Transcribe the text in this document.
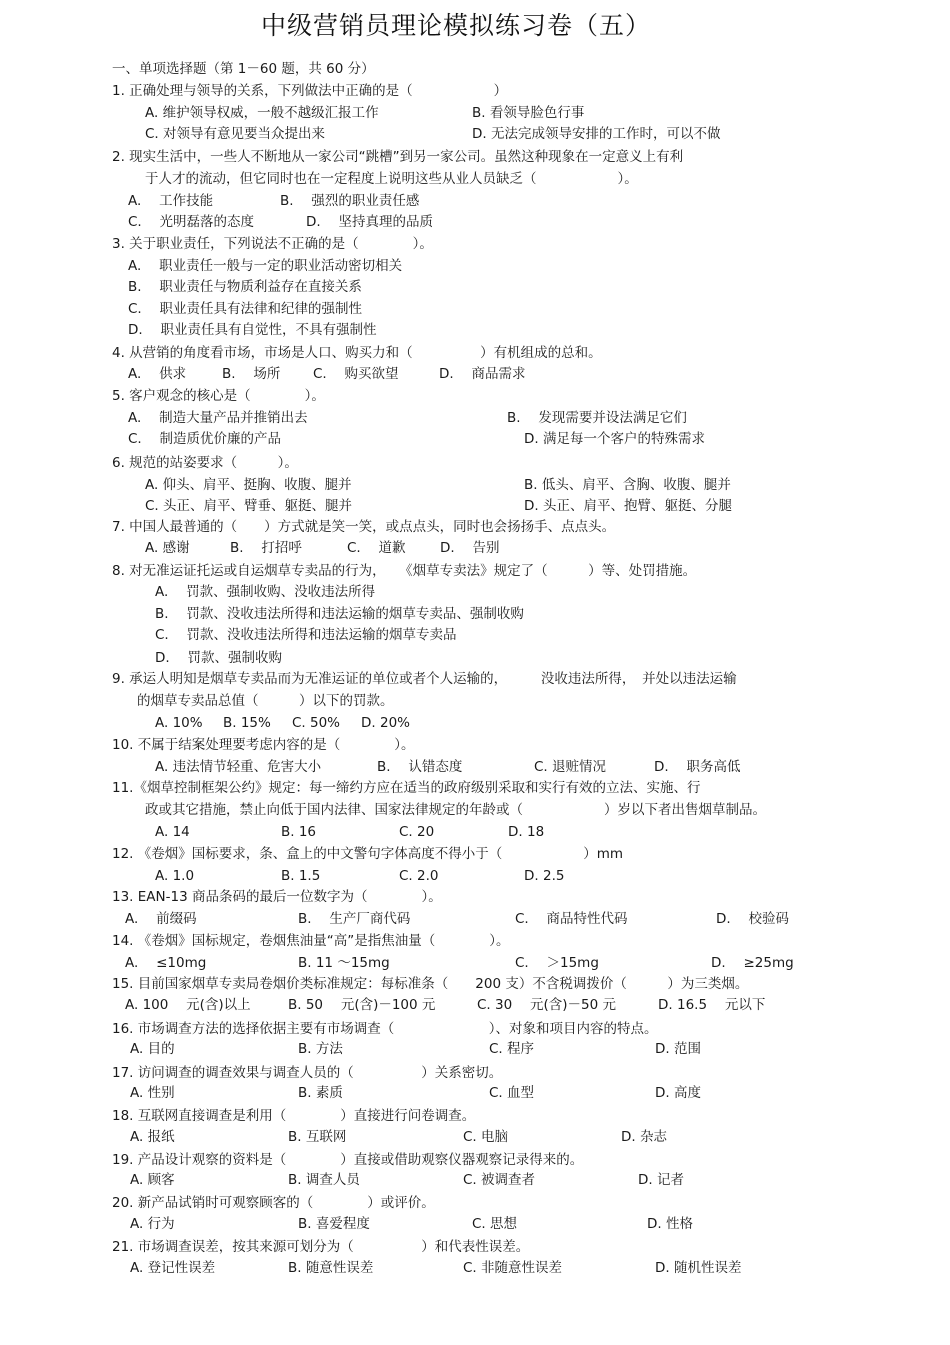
中级营销员理论模拟练习卷（五）
一、单项选择题（第 1－60 题，共 60 分）
1. 正确处理与领导的关系，下列做法中正确的是（　　　　　　）
A. 维护领导权威，一般不越级汇报工作	B. 看领导脸色行事
C. 对领导有意见要当众提出来	D. 无法完成领导安排的工作时，可以不做
2. 现实生活中，一些人不断地从一家公司“跳槽”到另一家公司。虽然这种现象在一定意义上有利
于人才的流动，但它同时也在一定程度上说明这些从业人员缺乏（　　　　　　）。
A. 　工作技能	B. 　强烈的职业责任感
C. 　光明磊落的态度	D. 　坚持真理的品质
3. 关于职业责任，下列说法不正确的是（　　　　）。
A. 　职业责任一般与一定的职业活动密切相关
B. 　职业责任与物质利益存在直接关系
C. 　职业责任具有法律和纪律的强制性
D. 　职业责任具有自觉性，不具有强制性
4. 从营销的角度看市场，市场是人口、购买力和（　　　　　）有机组成的总和。
A. 　供求	B. 　场所 C. 　购买欲望	D. 　商品需求
5. 客户观念的核心是（　　　　）。
A. 　制造大量产品并推销出去	B. 　发现需要并设法满足它们
C. 　制造质优价廉的产品	D. 满足每一个客户的特殊需求
6. 规范的站姿要求（　　　）。
A. 仰头、肩平、挺胸、收腹、腿并	B. 低头、肩平、含胸、收腹、腿并
C. 头正、肩平、臂垂、躯挺、腿并	D. 头正、肩平、抱臂、躯挺、分腿
7. 中国人最普通的（　　）方式就是笑一笑，或点点头，同时也会扬扬手、点点头。
A. 感谢	B. 　打招呼	C. 　道歉	D. 　告别
8. 对无准运证托运或自运烟草专卖品的行为，　　《烟草专卖法》规定了（　　　）等、处罚措施。
A. 　罚款、强制收购、没收违法所得
B. 　罚款、没收违法所得和违法运输的烟草专卖品、强制收购
C. 　罚款、没收违法所得和违法运输的烟草专卖品
D. 　罚款、强制收购
9. 承运人明知是烟草专卖品而为无准运证的单位或者个人运输的，　　　没收违法所得，　并处以违法运输
的烟草专卖品总值（　　　）以下的罚款。
A. 10% B. 15% C. 50% D. 20%
10. 不属于结案处理要考虑内容的是（　　　　）。
A. 违法情节轻重、危害大小	B. 　认错态度	C. 退赃情况	D. 　职务高低
11.《烟草控制框架公约》规定：每一缔约方应在适当的政府级别采取和实行有效的立法、实施、行
政或其它措施，禁止向低于国内法律、国家法律规定的年龄或（　　　　　　）岁以下者出售烟草制品。
A. 14	B. 16	C. 20	D. 18
12. 《卷烟》国标要求，条、盒上的中文警句字体高度不得小于（　　　　　　）mm
A. 1.0	B. 1.5	C. 2.0	D. 2.5
13. EAN-13 商品条码的最后一位数字为（　　　　）。
A. 　前缀码	B. 　生产厂商代码	C. 　商品特性代码	D. 　校验码
14. 《卷烟》国标规定，卷烟焦油量“高”是指焦油量（　　　　）。
A. 　≤10mg	B. 11 ～15mg	C. 　＞15mg	D. 　≥25mg
15. 目前国家烟草专卖局卷烟价类标准规定：每标准条（　　200 支）不含税调拨价（　　　）为三类烟。
A. 100 　元(含)以上	B. 50 　元(含)－100 元	C. 30 　元(含)－50 元	D. 16.5 　元以下
16. 市场调查方法的选择依据主要有市场调查（　　　　　　　）、对象和项目内容的特点。
A. 目的	B. 方法	C. 程序	D. 范围
17. 访问调查的调查效果与调查人员的（　　　　　）关系密切。
A. 性别	B. 素质	C. 血型	D. 高度
18. 互联网直接调查是利用（　　　　）直接进行问卷调查。
A. 报纸	B. 互联网	C. 电脑	D. 杂志
19. 产品设计观察的资料是（　　　　）直接或借助观察仪器观察记录得来的。
A. 顾客	B. 调查人员	C. 被调查者	D. 记者
20. 新产品试销时可观察顾客的（　　　　）或评价。
A. 行为	B. 喜爱程度	C. 思想	D. 性格
21. 市场调查误差，按其来源可划分为（　　　　　）和代表性误差。
A. 登记性误差	B. 随意性误差	C. 非随意性误差	D. 随机性误差
